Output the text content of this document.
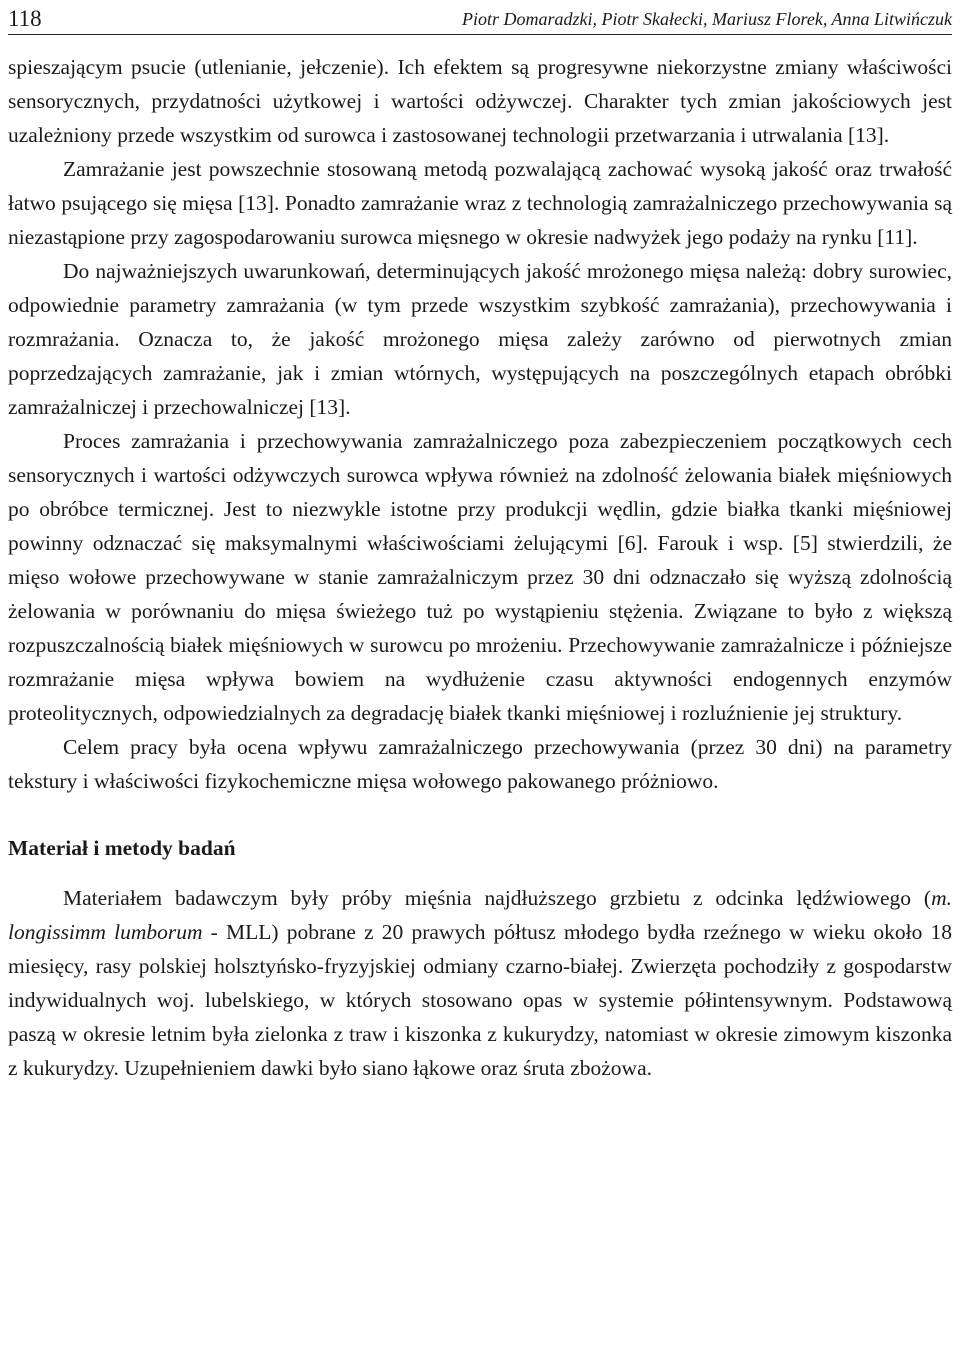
118	Piotr Domaradzki, Piotr Skałecki, Mariusz Florek, Anna Litwińczuk

spieszającym psucie (utlenianie, jełczenie). Ich efektem są progresywne niekorzystne zmiany właściwości sensorycznych, przydatności użytkowej i wartości odżywczej. Charakter tych zmian jakościowych jest uzależniony przede wszystkim od surowca i zastosowanej technologii przetwarzania i utrwalania [13].

Zamrażanie jest powszechnie stosowaną metodą pozwalającą zachować wysoką jakość oraz trwałość łatwo psującego się mięsa [13]. Ponadto zamrażanie wraz z technologią zamrażalniczego przechowywania są niezastąpione przy zagospodarowaniu surowca mięsnego w okresie nadwyżek jego podaży na rynku [11].

Do najważniejszych uwarunkowań, determinujących jakość mrożonego mięsa należą: dobry surowiec, odpowiednie parametry zamrażania (w tym przede wszystkim szybkość zamrażania), przechowywania i rozmrażania. Oznacza to, że jakość mrożonego mięsa zależy zarówno od pierwotnych zmian poprzedzających zamrażanie, jak i zmian wtórnych, występujących na poszczególnych etapach obróbki zamrażalniczej i przechowalniczej [13].

Proces zamrażania i przechowywania zamrażalniczego poza zabezpieczeniem początkowych cech sensorycznych i wartości odżywczych surowca wpływa również na zdolność żelowania białek mięśniowych po obróbce termicznej. Jest to niezwykle istotne przy produkcji wędlin, gdzie białka tkanki mięśniowej powinny odznaczać się maksymalnymi właściwościami żelującymi [6]. Farouk i wsp. [5] stwierdzili, że mięso wołowe przechowywane w stanie zamrażalniczym przez 30 dni odznaczało się wyższą zdolnością żelowania w porównaniu do mięsa świeżego tuż po wystąpieniu stężenia. Związane to było z większą rozpuszczalnością białek mięśniowych w surowcu po mrożeniu. Przechowywanie zamrażalnicze i późniejsze rozmrażanie mięsa wpływa bowiem na wydłużenie czasu aktywności endogennych enzymów proteolitycznych, odpowiedzialnych za degradację białek tkanki mięśniowej i rozluźnienie jej struktury.

Celem pracy była ocena wpływu zamrażalniczego przechowywania (przez 30 dni) na parametry tekstury i właściwości fizykochemiczne mięsa wołowego pakowanego próżniowo.

Materiał i metody badań

Materiałem badawczym były próby mięśnia najdłuższego grzbietu z odcinka lędźwiowego (m. longissimm lumborum - MLL) pobrane z 20 prawych półtusz młodego bydła rzeźnego w wieku około 18 miesięcy, rasy polskiej holsztyńsko-fryzyjskiej odmiany czarno-białej. Zwierzęta pochodziły z gospodarstw indywidualnych woj. lubelskiego, w których stosowano opas w systemie półintensywnym. Podstawową paszą w okresie letnim była zielonka z traw i kiszonka z kukurydzy, natomiast w okresie zimowym kiszonka z kukurydzy. Uzupełnieniem dawki było siano łąkowe oraz śruta zbożowa.
